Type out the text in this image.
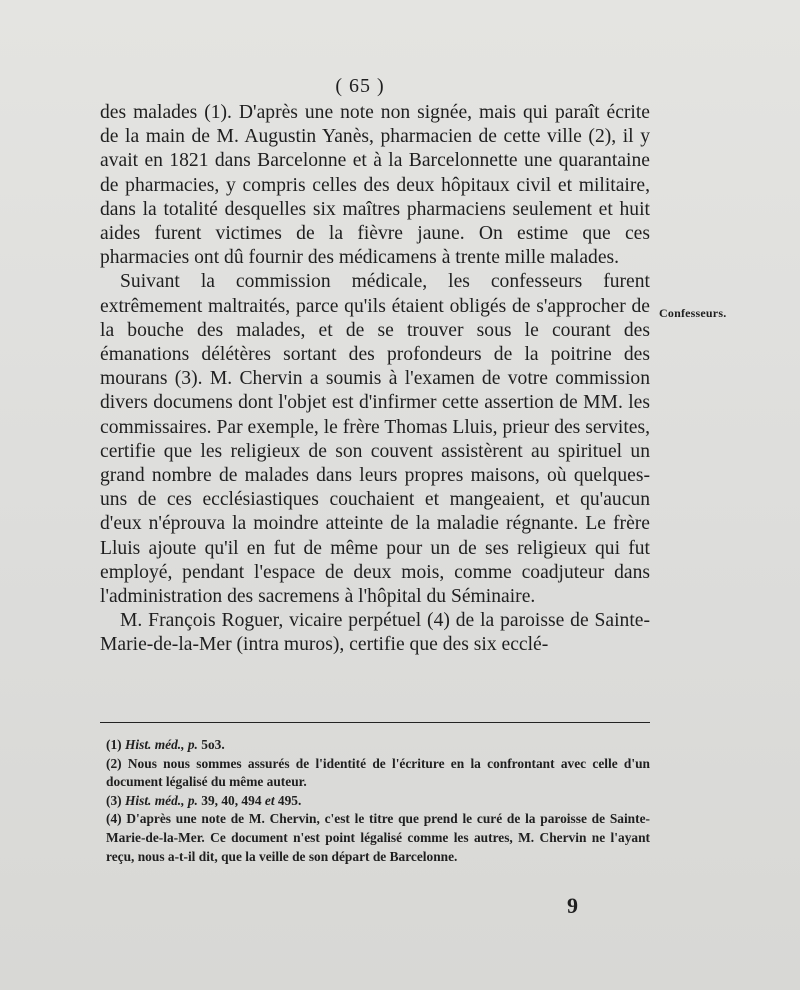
( 65 )

des malades (1). D'après une note non signée, mais qui paraît écrite de la main de M. Augustin Yanès, pharmacien de cette ville (2), il y avait en 1821 dans Barcelonne et à la Barcelonnette une quarantaine de pharmacies, y compris celles des deux hôpitaux civil et militaire, dans la totalité desquelles six maîtres pharmaciens seulement et huit aides furent victimes de la fièvre jaune. On estime que ces pharmacies ont dû fournir des médicamens à trente mille malades.

Suivant la commission médicale, les confesseurs furent extrêmement maltraités, parce qu'ils étaient obligés de s'approcher de la bouche des malades, et de se trouver sous le courant des émanations délétères sortant des profondeurs de la poitrine des mourans (3). M. Chervin a soumis à l'examen de votre commission divers documens dont l'objet est d'infirmer cette assertion de MM. les commissaires. Par exemple, le frère Thomas Lluis, prieur des servites, certifie que les religieux de son couvent assistèrent au spirituel un grand nombre de malades dans leurs propres maisons, où quelques-uns de ces ecclésiastiques couchaient et mangeaient, et qu'aucun d'eux n'éprouva la moindre atteinte de la maladie régnante. Le frère Lluis ajoute qu'il en fut de même pour un de ses religieux qui fut employé, pendant l'espace de deux mois, comme coadjuteur dans l'administration des sacremens à l'hôpital du Séminaire.

M. François Roguer, vicaire perpétuel (4) de la paroisse de Sainte-Marie-de-la-Mer (intra muros), certifie que des six ecclé-

Confesseurs.

(1) Hist. méd., p. 5o3.

(2) Nous nous sommes assurés de l'identité de l'écriture en la confrontant avec celle d'un document légalisé du même auteur.

(3) Hist. méd., p. 39, 40, 494 et 495.

(4) D'après une note de M. Chervin, c'est le titre que prend le curé de la paroisse de Sainte-Marie-de-la-Mer. Ce document n'est point légalisé comme les autres, M. Chervin ne l'ayant reçu, nous a-t-il dit, que la veille de son départ de Barcelonne.

9
